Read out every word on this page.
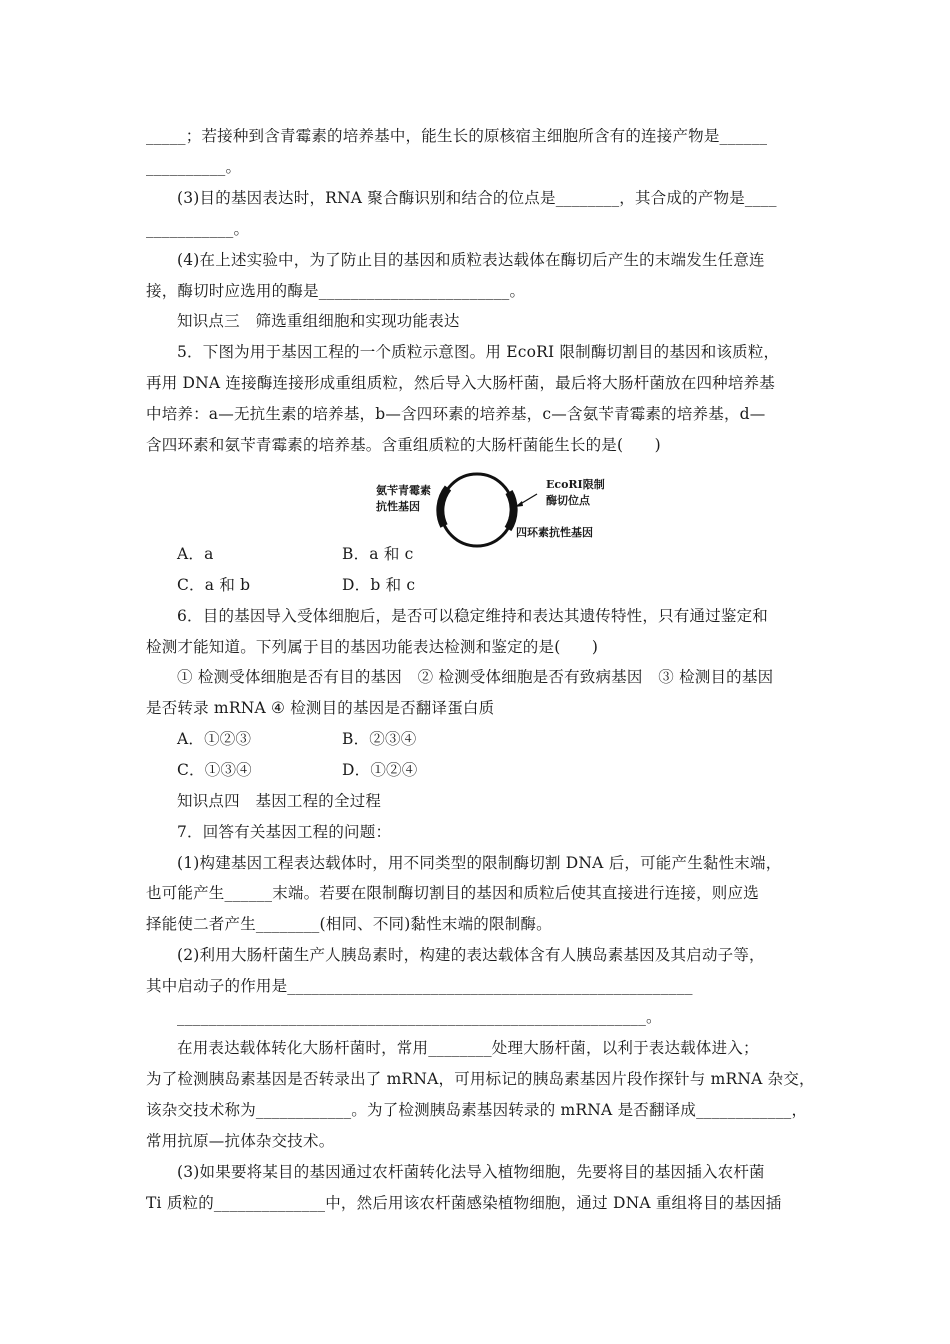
_____；若接种到含青霉素的培养基中，能生长的原核宿主细胞所含有的连接产物是______
__________。
(3)目的基因表达时，RNA 聚合酶识别和结合的位点是________，其合成的产物是____
___________。
(4)在上述实验中，为了防止目的基因和质粒表达载体在酶切后产生的末端发生任意连
接，酶切时应选用的酶是________________________。
知识点三　筛选重组细胞和实现功能表达
5．下图为用于基因工程的一个质粒示意图。用 EcoRⅠ 限制酶切割目的基因和该质粒，
再用 DNA 连接酶连接形成重组质粒，然后导入大肠杆菌，最后将大肠杆菌放在四种培养基
中培养：a—无抗生素的培养基，b—含四环素的培养基，c—含氨苄青霉素的培养基，d—
含四环素和氨苄青霉素的培养基。含重组质粒的大肠杆菌能生长的是(　　)
氨苄青霉素
抗性基因
EcoRI限制
酶切位点
四环素抗性基因
A．a	B．a 和 c
C．a 和 b	D．b 和 c
6．目的基因导入受体细胞后，是否可以稳定维持和表达其遗传特性，只有通过鉴定和
检测才能知道。下列属于目的基因功能表达检测和鉴定的是(　　)
① 检测受体细胞是否有目的基因　② 检测受体细胞是否有致病基因　③ 检测目的基因
是否转录 mRNA ④ 检测目的基因是否翻译蛋白质
A．①②③	B．②③④
C．①③④	D．①②④
知识点四　基因工程的全过程
7．回答有关基因工程的问题：
(1)构建基因工程表达载体时，用不同类型的限制酶切割 DNA 后，可能产生黏性末端，
也可能产生______末端。若要在限制酶切割目的基因和质粒后使其直接进行连接，则应选
择能使二者产生________(相同、不同)黏性末端的限制酶。
(2)利用大肠杆菌生产人胰岛素时，构建的表达载体含有人胰岛素基因及其启动子等，
其中启动子的作用是___________________________________________________
___________________________________________________________。
在用表达载体转化大肠杆菌时，常用________处理大肠杆菌，以利于表达载体进入；
为了检测胰岛素基因是否转录出了 mRNA，可用标记的胰岛素基因片段作探针与 mRNA 杂交，
该杂交技术称为____________。为了检测胰岛素基因转录的 mRNA 是否翻译成____________，
常用抗原—抗体杂交技术。
(3)如果要将某目的基因通过农杆菌转化法导入植物细胞，先要将目的基因插入农杆菌
Ti 质粒的______________中，然后用该农杆菌感染植物细胞，通过 DNA 重组将目的基因插
